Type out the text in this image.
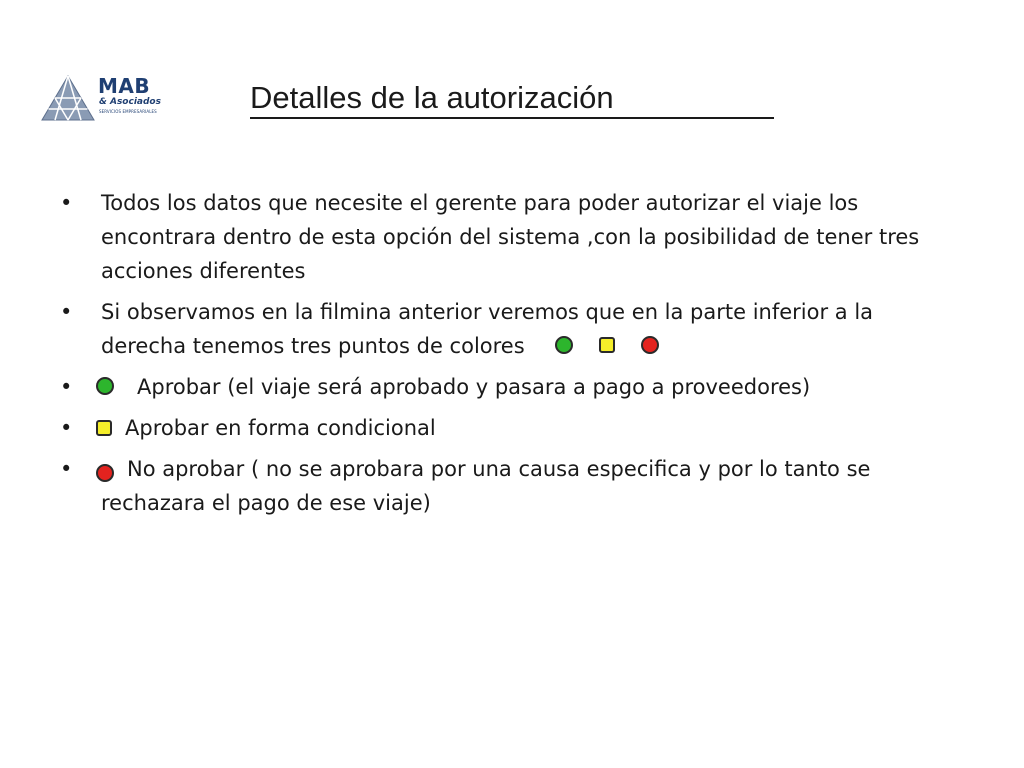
MAB
& Asociados
SERVICIOS EMPRESARIALES	Detalles de la autorización
• Todos los datos que necesite el gerente para poder autorizar el viaje los encontrara dentro de esta opción del sistema ,con la posibilidad de tener tres acciones diferentes
• Si observamos en la filmina anterior veremos que en la parte inferior a la derecha tenemos tres puntos de colores
•	Aprobar (el viaje será aprobado y pasara a pago a proveedores)
•	Aprobar en forma condicional
•	No aprobar ( no se aprobara por una causa especifica y por lo tanto se rechazara el pago de ese viaje)
